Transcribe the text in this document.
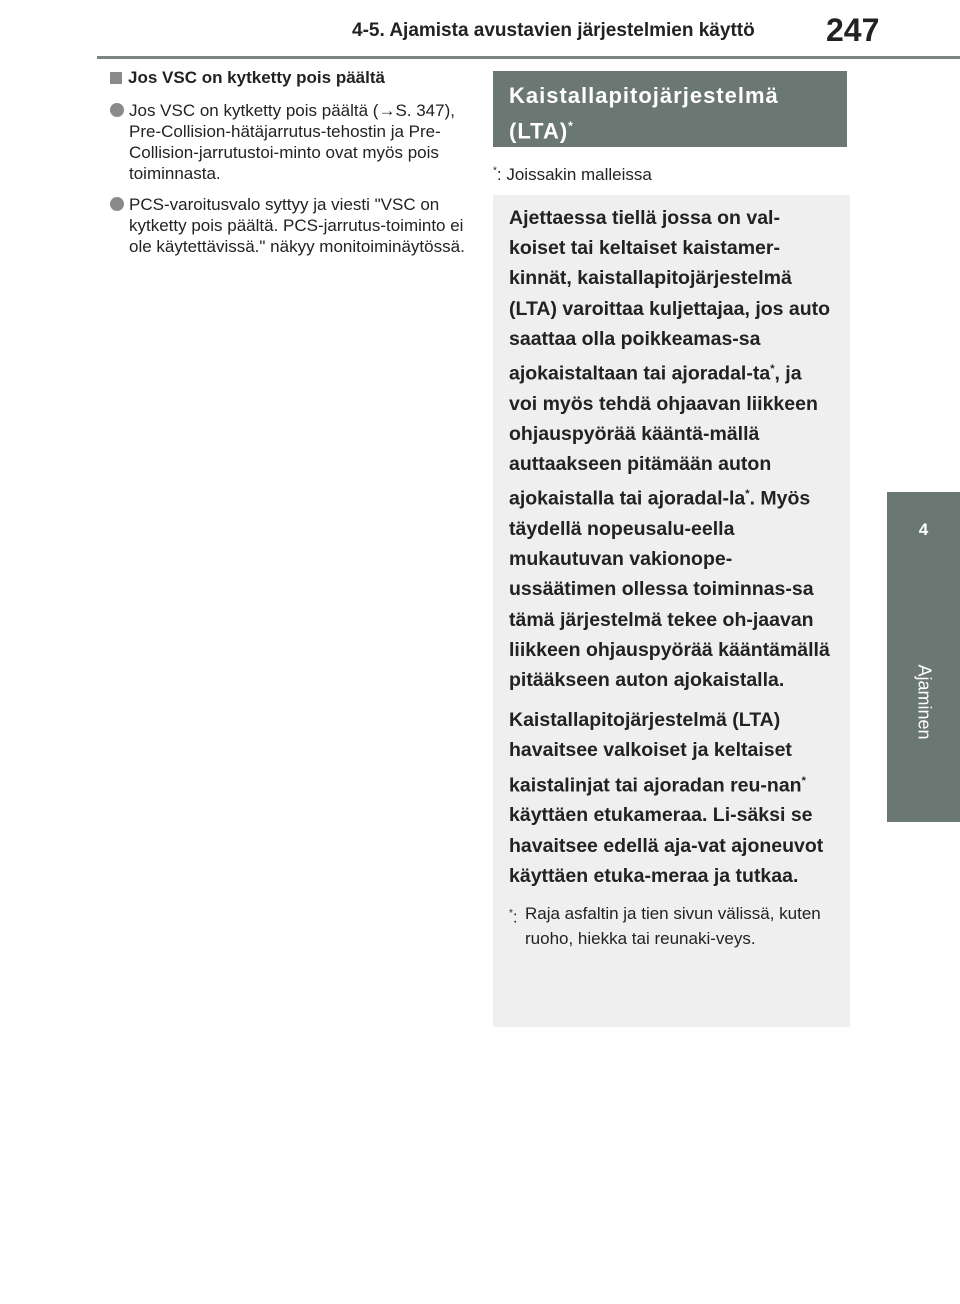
4-5. Ajamista avustavien järjestelmien käyttö 247
4
Ajaminen
Jos VSC on kytketty pois päältä
Jos VSC on kytketty pois päältä (→S. 347), Pre-Collision-hätäjarrutus-tehostin ja Pre-Collision-jarrutustoi-minto ovat myös pois toiminnasta.
PCS-varoitusvalo syttyy ja viesti "VSC on kytketty pois päältä. PCS-jarrutus-toiminto ei ole käytettävissä." näkyy monitoiminäytössä.
Kaistallapitojärjestelmä (LTA)*
*: Joissakin malleissa

Ajettaessa tiellä jossa on val-koiset tai keltaiset kaistamer-kinnät, kaistallapitojärjestelmä (LTA) varoittaa kuljettajaa, jos auto saattaa olla poikkeamas-sa ajokaistaltaan tai ajoradal-ta*, ja voi myös tehdä ohjaavan liikkeen ohjauspyörää kääntä-mällä auttaakseen pitämään auton ajokaistalla tai ajoradal-la*. Myös täydellä nopeusalu-eella mukautuvan vakionope-ussäätimen ollessa toiminnas-sa tämä järjestelmä tekee oh-jaavan liikkeen ohjauspyörää kääntämällä pitääkseen auton ajokaistalla.

Kaistallapitojärjestelmä (LTA) havaitsee valkoiset ja keltaiset kaistalinjat tai ajoradan reu-nan* käyttäen etukameraa. Li-säksi se havaitsee edellä aja-vat ajoneuvot käyttäen etuka-meraa ja tutkaa.

*: Raja asfaltin ja tien sivun välissä, kuten ruoho, hiekka tai reunaki-veys.
